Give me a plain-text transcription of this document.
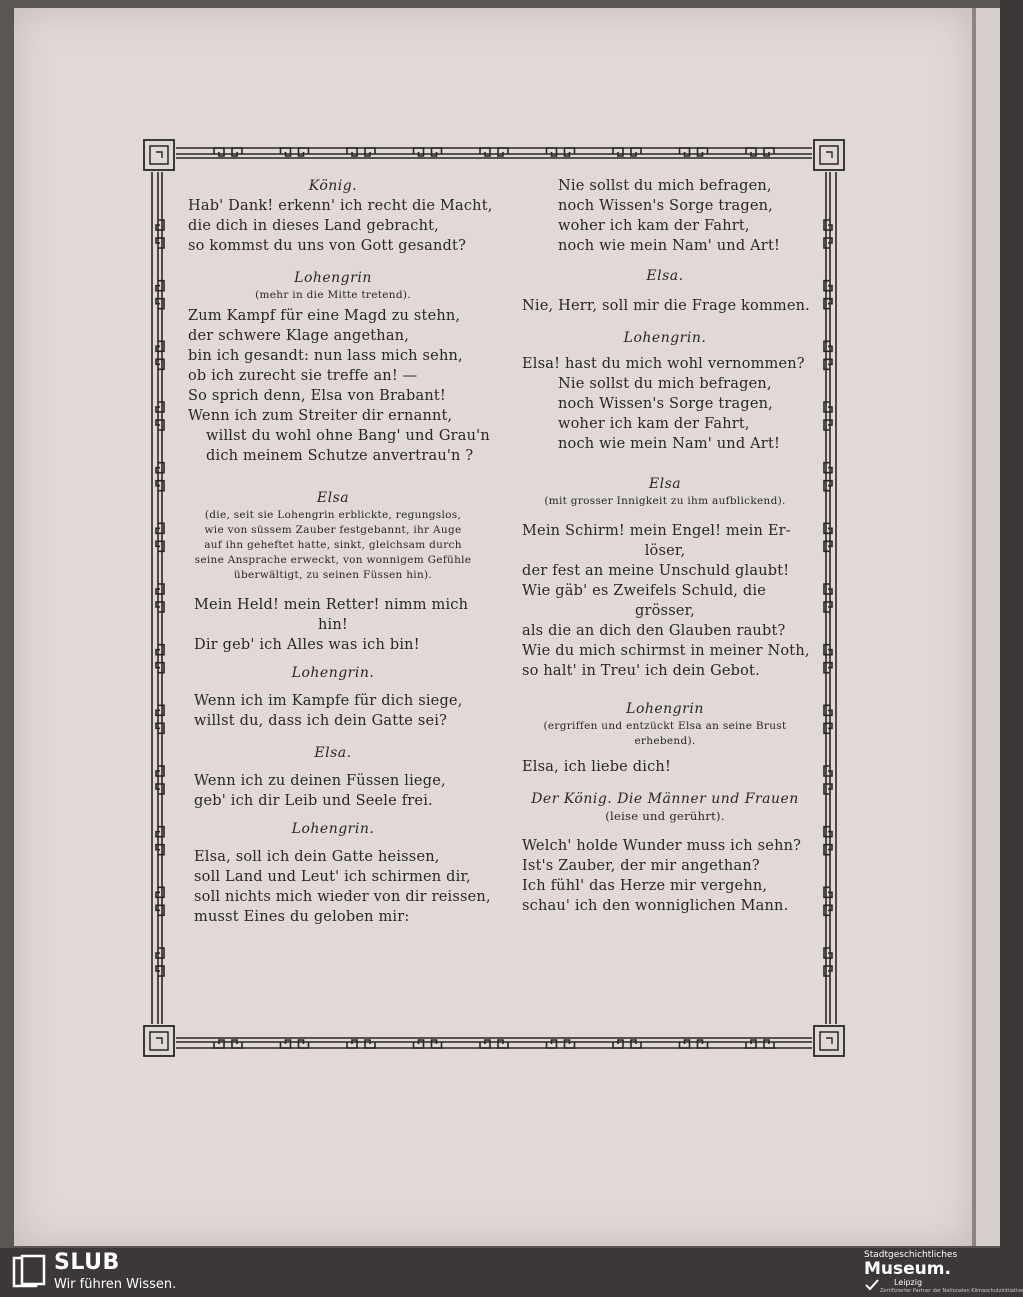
König.

Hab' Dank! erkenn' ich recht die Macht,

die dich in dieses Land gebracht,

so kommst du uns von Gott gesandt?

Lohengrin

(mehr in die Mitte tretend).

Zum Kampf für eine Magd zu stehn,

der schwere Klage angethan,

bin ich gesandt: nun lass mich sehn,

ob ich zurecht sie treffe an! —

So sprich denn, Elsa von Brabant!

Wenn ich zum Streiter dir ernannt,

willst du wohl ohne Bang' und Grau'n

dich meinem Schutze anvertrau'n ?

Elsa

(die, seit sie Lohengrin erblickte, regungslos,

wie von süssem Zauber festgebannt, ihr Auge

auf ihn geheftet hatte, sinkt, gleichsam durch

seine Ansprache erweckt, von wonnigem Gefühle

überwältigt, zu seinen Füssen hin).

Mein Held! mein Retter! nimm mich

hin!

Dir geb' ich Alles was ich bin!

Lohengrin.

Wenn ich im Kampfe für dich siege,

willst du, dass ich dein Gatte sei?

Elsa.

Wenn ich zu deinen Füssen liege,

geb' ich dir Leib und Seele frei.

Lohengrin.

Elsa, soll ich dein Gatte heissen,

soll Land und Leut' ich schirmen dir,

soll nichts mich wieder von dir reissen,

musst Eines du geloben mir:

Nie sollst du mich befragen,

noch Wissen's Sorge tragen,

woher ich kam der Fahrt,

noch wie mein Nam' und Art!

Elsa.

Nie, Herr, soll mir die Frage kommen.

Lohengrin.

Elsa! hast du mich wohl vernommen?

Nie sollst du mich befragen,

noch Wissen's Sorge tragen,

woher ich kam der Fahrt,

noch wie mein Nam' und Art!

Elsa

(mit grosser Innigkeit zu ihm aufblickend).

Mein Schirm! mein Engel! mein Er-

löser,

der fest an meine Unschuld glaubt!

Wie gäb' es Zweifels Schuld, die

grösser,

als die an dich den Glauben raubt?

Wie du mich schirmst in meiner Noth,

so halt' in Treu' ich dein Gebot.

Lohengrin

(ergriffen und entzückt Elsa an seine Brust

erhebend).

Elsa, ich liebe dich!

Der König. Die Männer und Frauen

(leise und gerührt).

Welch' holde Wunder muss ich sehn?

Ist's Zauber, der mir angethan?

Ich fühl' das Herze mir vergehn,

schau' ich den wonniglichen Mann.

SLUB
Wir führen Wissen.
Stadtgeschichtliches
Museum.
Leipzig
Zertifizierter Partner der Nationalen Klimaschutzinitiative
